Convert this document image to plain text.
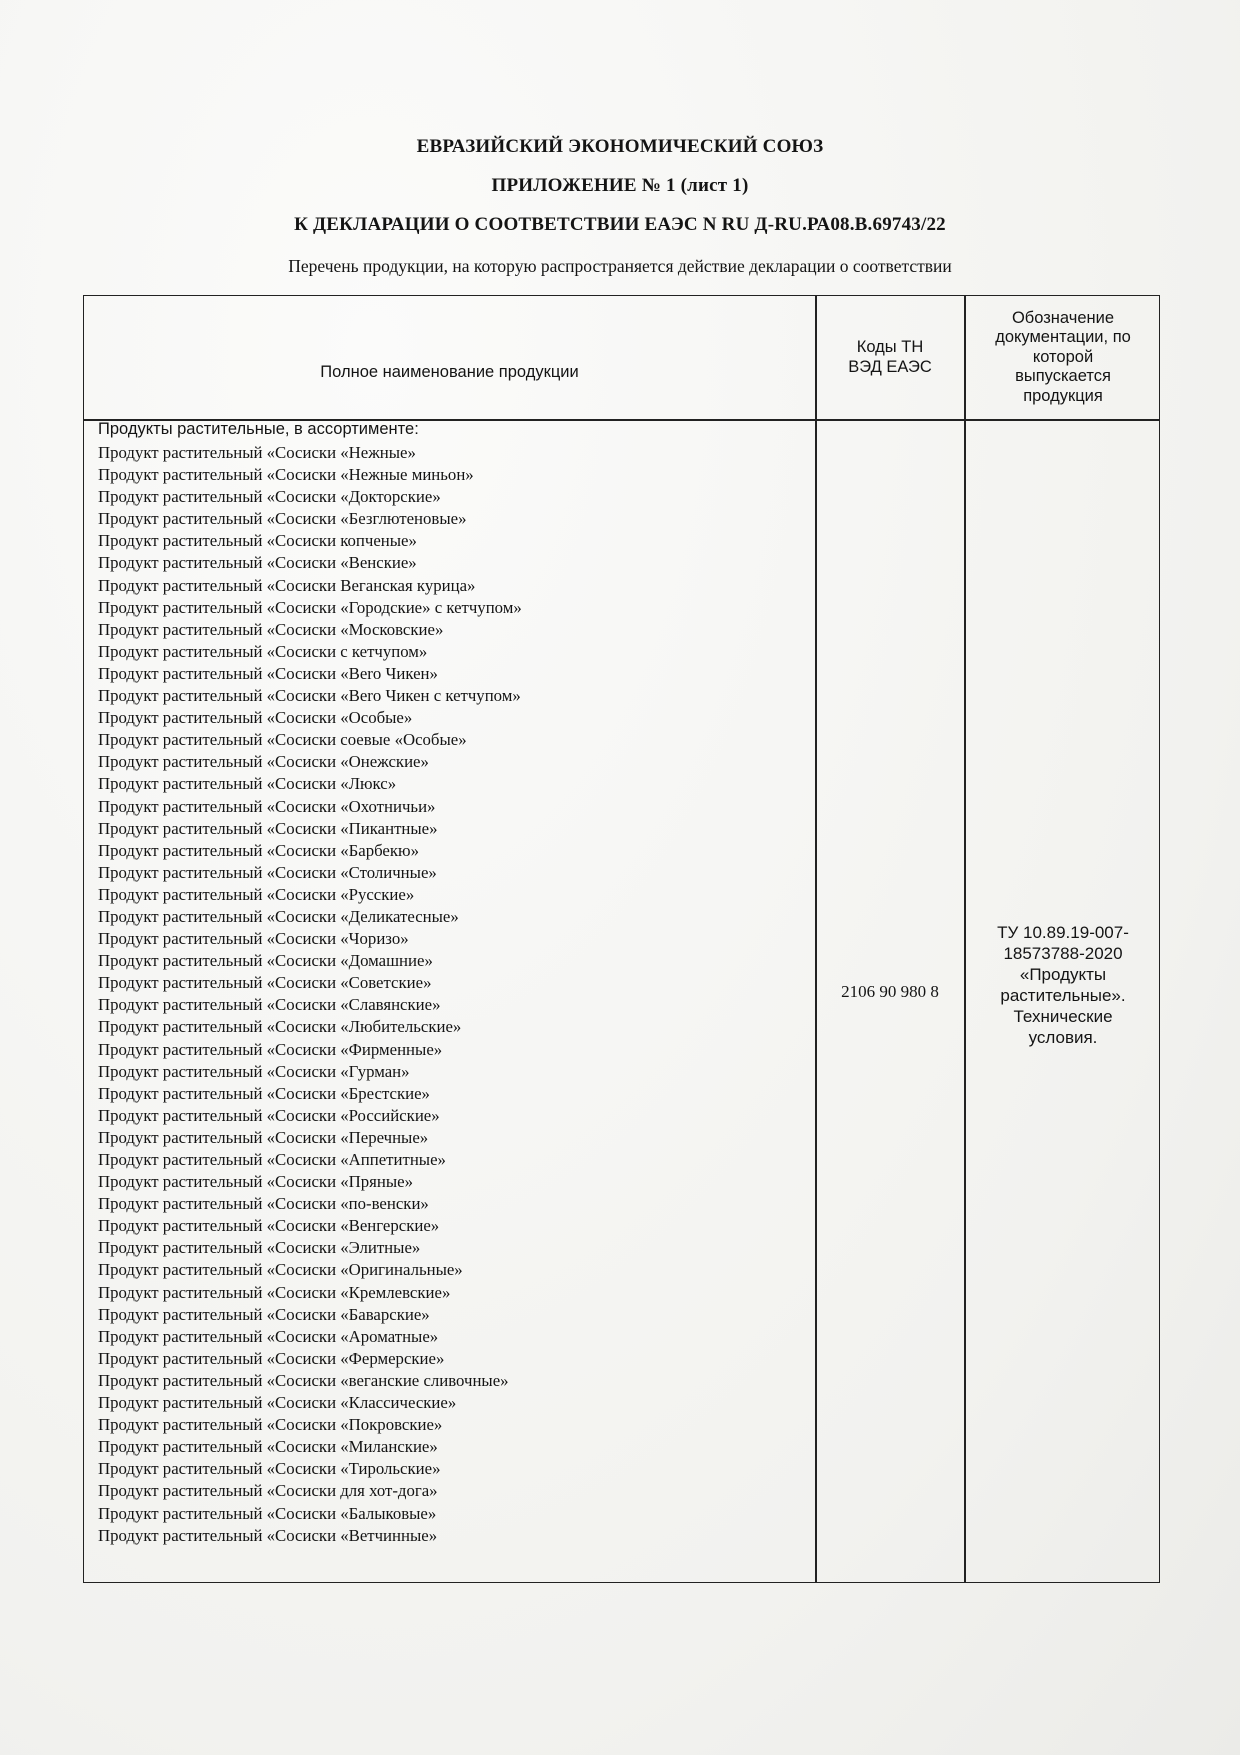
ЕВРАЗИЙСКИЙ ЭКОНОМИЧЕСКИЙ СОЮЗ
ПРИЛОЖЕНИЕ № 1 (лист 1)
К ДЕКЛАРАЦИИ О СООТВЕТСТВИИ ЕАЭС N RU Д-RU.РА08.В.69743/22
Перечень продукции, на которую распространяется действие декларации о соответствии
Полное наименование продукции
Коды ТН
ВЭД ЕАЭС
Обозначение
документации, по
которой
выпускается
продукция
Продукты растительные, в ассортименте:
Продукт растительный «Сосиски «Нежные»
Продукт растительный «Сосиски «Нежные миньон»
Продукт растительный «Сосиски «Докторские»
Продукт растительный «Сосиски «Безглютеновые»
Продукт растительный «Сосиски копченые»
Продукт растительный «Сосиски «Венские»
Продукт растительный «Сосиски Веганская курица»
Продукт растительный «Сосиски «Городские» с кетчупом»
Продукт растительный «Сосиски «Московские»
Продукт растительный «Сосиски с кетчупом»
Продукт растительный «Сосиски «Веrо Чикен»
Продукт растительный «Сосиски «Веrо Чикен с кетчупом»
Продукт растительный «Сосиски «Особые»
Продукт растительный «Сосиски соевые «Особые»
Продукт растительный «Сосиски «Онежские»
Продукт растительный «Сосиски «Люкс»
Продукт растительный «Сосиски «Охотничьи»
Продукт растительный «Сосиски «Пикантные»
Продукт растительный «Сосиски «Барбекю»
Продукт растительный «Сосиски «Столичные»
Продукт растительный «Сосиски «Русские»
Продукт растительный «Сосиски «Деликатесные»
Продукт растительный «Сосиски «Чоризо»
Продукт растительный «Сосиски «Домашние»
Продукт растительный «Сосиски «Советские»
Продукт растительный «Сосиски «Славянские»
Продукт растительный «Сосиски «Любительские»
Продукт растительный «Сосиски «Фирменные»
Продукт растительный «Сосиски «Гурман»
Продукт растительный «Сосиски «Брестские»
Продукт растительный «Сосиски «Российские»
Продукт растительный «Сосиски «Перечные»
Продукт растительный «Сосиски «Аппетитные»
Продукт растительный «Сосиски «Пряные»
Продукт растительный «Сосиски «по-венски»
Продукт растительный «Сосиски «Венгерские»
Продукт растительный «Сосиски «Элитные»
Продукт растительный «Сосиски «Оригинальные»
Продукт растительный «Сосиски «Кремлевские»
Продукт растительный «Сосиски «Баварские»
Продукт растительный «Сосиски «Ароматные»
Продукт растительный «Сосиски «Фермерские»
Продукт растительный «Сосиски «веганские сливочные»
Продукт растительный «Сосиски «Классические»
Продукт растительный «Сосиски «Покровские»
Продукт растительный «Сосиски «Миланские»
Продукт растительный «Сосиски «Тирольские»
Продукт растительный «Сосиски для хот-дога»
Продукт растительный «Сосиски «Балыковые»
Продукт растительный «Сосиски «Ветчинные»
2106 90 980 8
ТУ 10.89.19-007-
18573788-2020
«Продукты
растительные».
Технические
условия.
